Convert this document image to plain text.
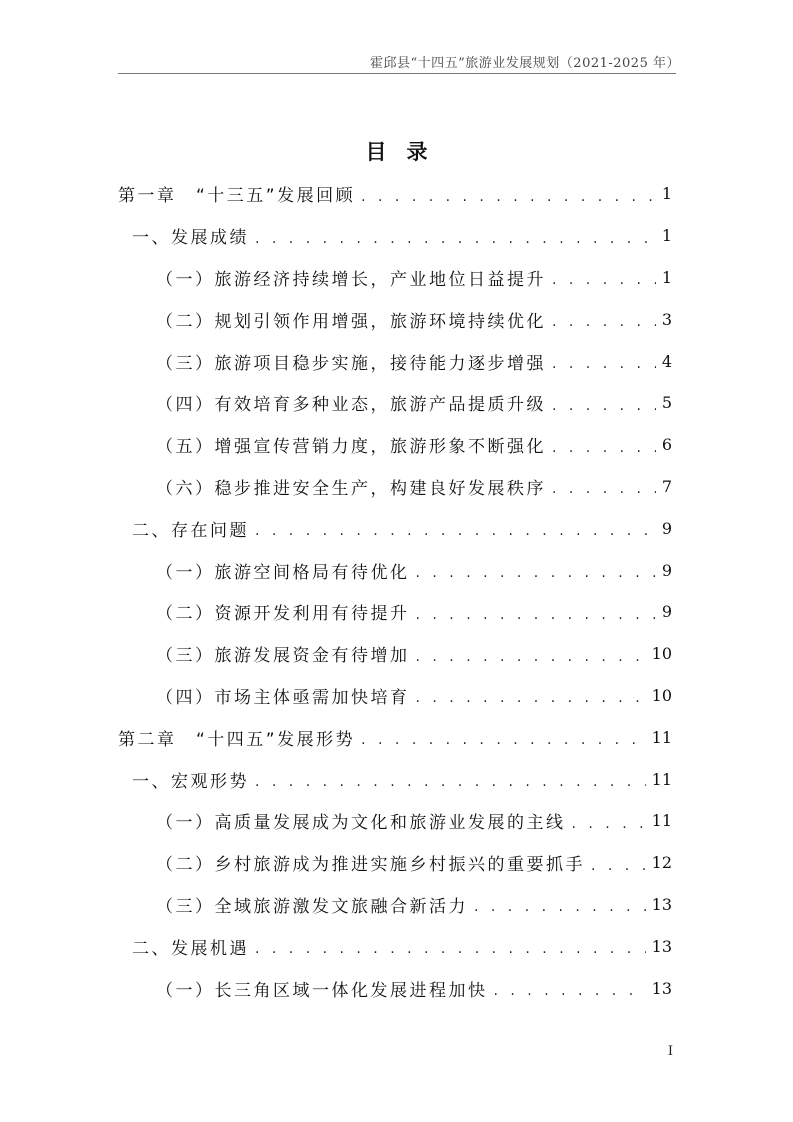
霍邱县“十四五”旅游业发展规划（2021-2025 年）
目录
第一章　“十三五”发展回顾 . . .	1
一、发展成绩 . . .	1
（一）旅游经济持续增长，产业地位日益提升 . . .	1
（二）规划引领作用增强，旅游环境持续优化 . . .	3
（三）旅游项目稳步实施，接待能力逐步增强 . . .	4
（四）有效培育多种业态，旅游产品提质升级 . . .	5
（五）增强宣传营销力度，旅游形象不断强化 . . .	6
（六）稳步推进安全生产，构建良好发展秩序 . . .	7
二、存在问题 . . .	9
（一）旅游空间格局有待优化 . . .	9
（二）资源开发利用有待提升 . . .	9
（三）旅游发展资金有待增加 . . .	10
（四）市场主体亟需加快培育 . . .	10
第二章　“十四五”发展形势 . . .	11
一、宏观形势 . . .	11
（一）高质量发展成为文化和旅游业发展的主线 . . .	11
（二）乡村旅游成为推进实施乡村振兴的重要抓手 . . .	12
（三）全域旅游激发文旅融合新活力 . . .	13
二、发展机遇 . . .	13
（一）长三角区域一体化发展进程加快 . . .	13
I
